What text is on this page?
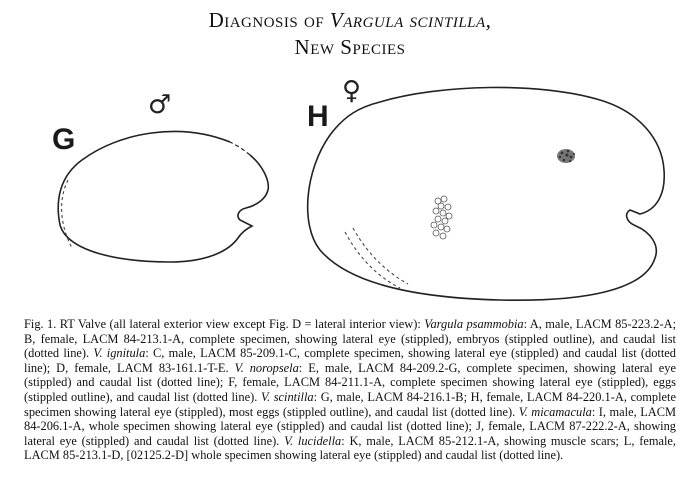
Diagnosis of Vargula scintilla,
New Species
G
♂	H
♀
Fig. 1. RT Valve (all lateral exterior view except Fig. D = lateral interior view): Vargula psammobia: A, male, LACM 85-223.2-A; B, female, LACM 84-213.1-A, complete specimen, showing lateral eye (stippled), embryos (stippled outline), and caudal list (dotted line). V. ignitula: C, male, LACM 85-209.1-C, complete specimen, showing lateral eye (stippled) and caudal list (dotted line); D, female, LACM 83-161.1-T-E. V. noropsela: E, male, LACM 84-209.2-G, complete specimen, showing lateral eye (stippled) and caudal list (dotted line); F, female, LACM 84-211.1-A, complete specimen showing lateral eye (stippled), eggs (stippled outline), and caudal list (dotted line). V. scintilla: G, male, LACM 84-216.1-B; H, female, LACM 84-220.1-A, complete specimen showing lateral eye (stippled), most eggs (stippled outline), and caudal list (dotted line). V. micamacula: I, male, LACM 84-206.1-A, whole specimen showing lateral eye (stippled) and caudal list (dotted line); J, female, LACM 87-222.2-A, showing lateral eye (stippled) and caudal list (dotted line). V. lucidella: K, male, LACM 85-212.1-A, showing muscle scars; L, female, LACM 85-213.1-D, [02125.2-D] whole specimen showing lateral eye (stippled) and caudal list (dotted line).
